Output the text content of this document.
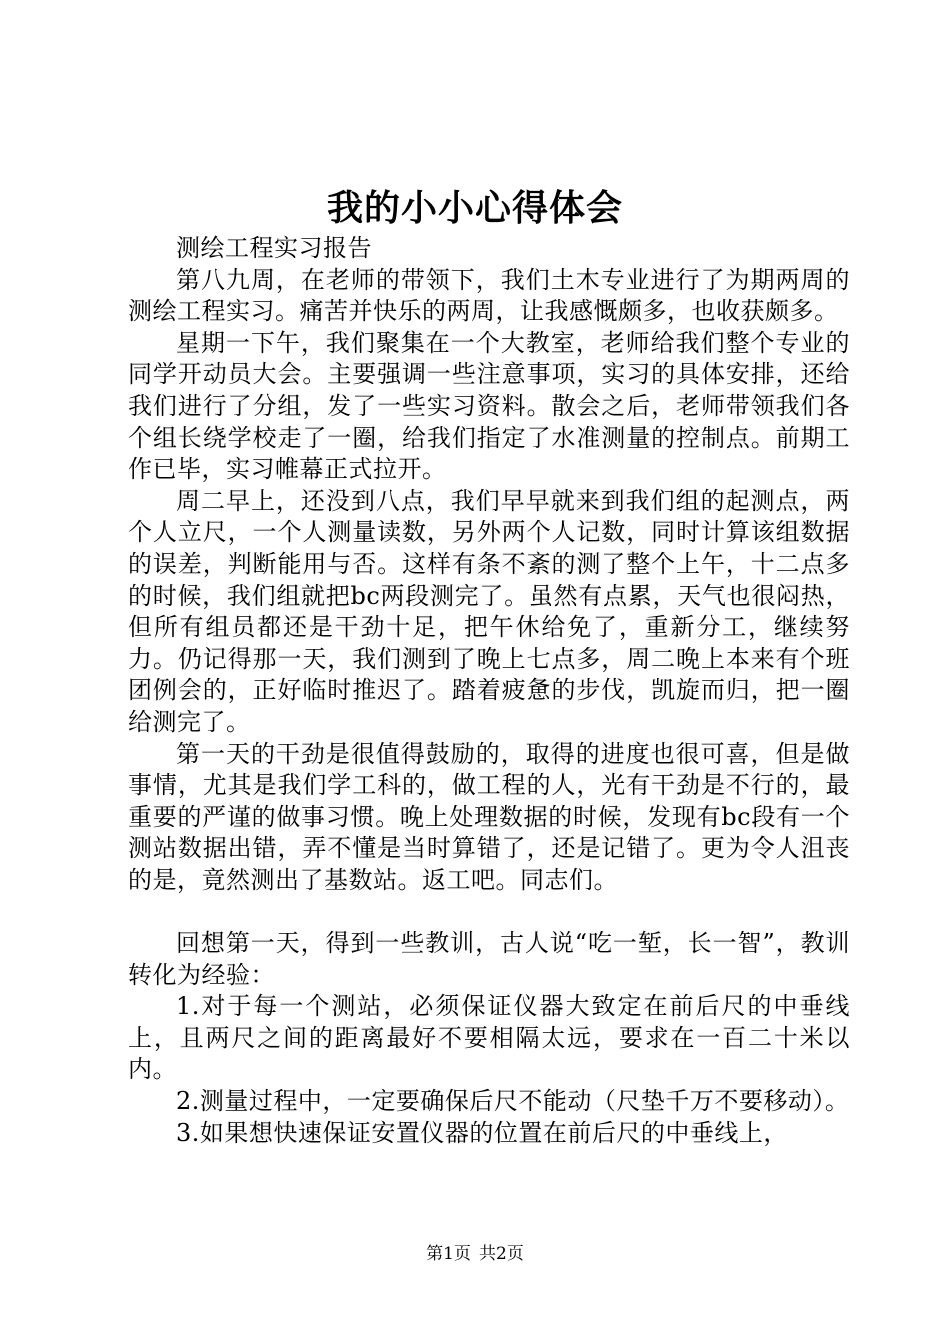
我的小小心得体会

测绘工程实习报告

第八九周，在老师的带领下，我们土木专业进行了为期两周的测绘工程实习。痛苦并快乐的两周，让我感慨颇多，也收获颇多。

星期一下午，我们聚集在一个大教室，老师给我们整个专业的同学开动员大会。主要强调一些注意事项，实习的具体安排，还给我们进行了分组，发了一些实习资料。散会之后，老师带领我们各个组长绕学校走了一圈，给我们指定了水准测量的控制点。前期工作已毕，实习帷幕正式拉开。

周二早上，还没到八点，我们早早就来到我们组的起测点，两个人立尺，一个人测量读数，另外两个人记数，同时计算该组数据的误差，判断能用与否。这样有条不紊的测了整个上午，十二点多的时候，我们组就把bc两段测完了。虽然有点累，天气也很闷热，但所有组员都还是干劲十足，把午休给免了，重新分工，继续努力。仍记得那一天，我们测到了晚上七点多，周二晚上本来有个班团例会的，正好临时推迟了。踏着疲惫的步伐，凯旋而归，把一圈给测完了。

第一天的干劲是很值得鼓励的，取得的进度也很可喜，但是做事情，尤其是我们学工科的，做工程的人，光有干劲是不行的，最重要的严谨的做事习惯。晚上处理数据的时候，发现有bc段有一个测站数据出错，弄不懂是当时算错了，还是记错了。更为令人沮丧的是，竟然测出了基数站。返工吧。同志们。

回想第一天，得到一些教训，古人说“吃一堑，长一智”，教训转化为经验：

1.对于每一个测站，必须保证仪器大致定在前后尺的中垂线上，且两尺之间的距离最好不要相隔太远，要求在一百二十米以内。

2.测量过程中，一定要确保后尺不能动（尺垫千万不要移动）。

3.如果想快速保证安置仪器的位置在前后尺的中垂线上，

第1页 共2页
